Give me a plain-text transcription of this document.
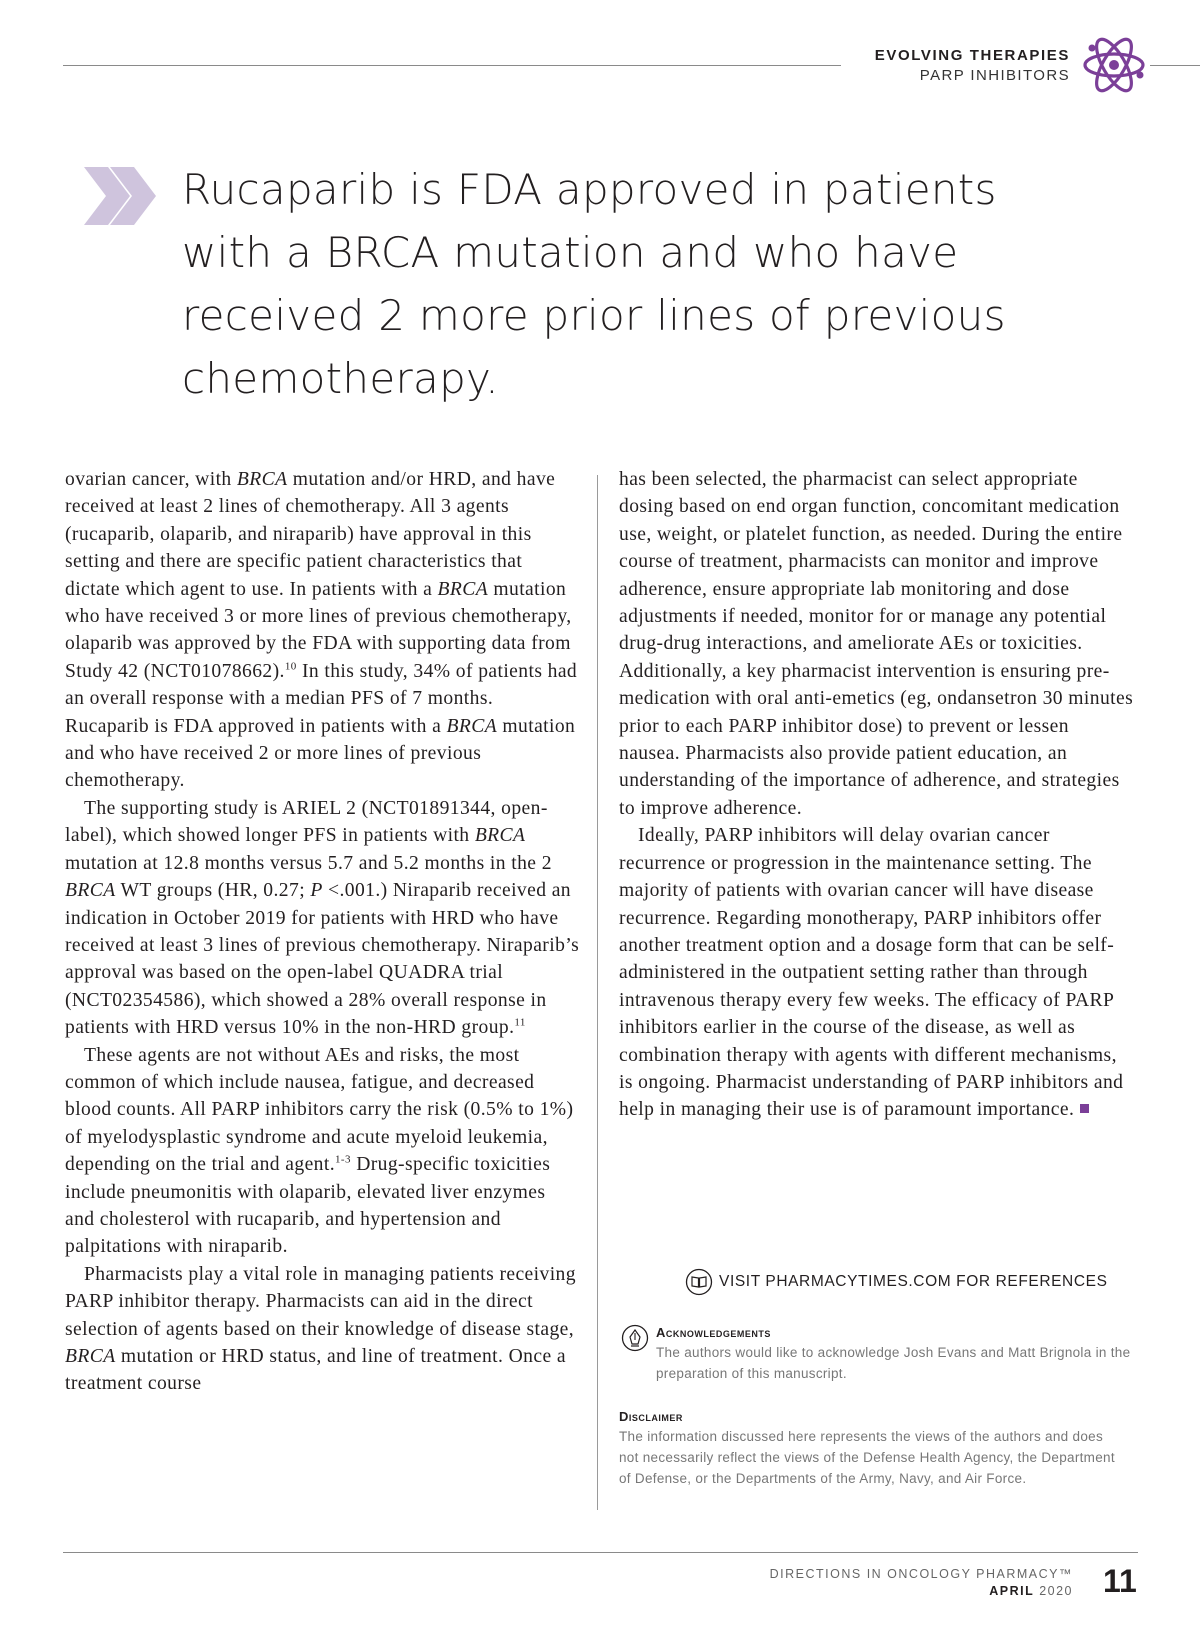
EVOLVING THERAPIES
PARP INHIBITORS
Rucaparib is FDA approved in patients with a BRCA mutation and who have received 2 more prior lines of previous chemotherapy.

ovarian cancer, with BRCA mutation and/or HRD, and have received at least 2 lines of chemotherapy. All 3 agents (rucaparib, olaparib, and niraparib) have approval in this setting and there are specific patient characteristics that dictate which agent to use. In patients with a BRCA mutation who have received 3 or more lines of previous chemotherapy, olaparib was approved by the FDA with supporting data from Study 42 (NCT01078662).$^{10}$ In this study, 34% of patients had an overall response with a median PFS of 7 months. Rucaparib is FDA approved in patients with a BRCA mutation and who have received 2 or more lines of previous chemotherapy.

The supporting study is ARIEL 2 (NCT01891344, open-label), which showed longer PFS in patients with BRCA mutation at 12.8 months versus 5.7 and 5.2 months in the 2 BRCA WT groups (HR, 0.27; P <.001.) Niraparib received an indication in October 2019 for patients with HRD who have received at least 3 lines of previous chemotherapy. Niraparib’s approval was based on the open-label QUADRA trial (NCT02354586), which showed a 28% overall response in patients with HRD versus 10% in the non-HRD group.$^{11}$

These agents are not without AEs and risks, the most common of which include nausea, fatigue, and decreased blood counts. All PARP inhibitors carry the risk (0.5% to 1%) of myelodysplastic syndrome and acute myeloid leukemia, depending on the trial and agent.$^{1-3}$ Drug-specific toxicities include pneumonitis with olaparib, elevated liver enzymes and cholesterol with rucaparib, and hypertension and palpitations with niraparib.

Pharmacists play a vital role in managing patients receiving PARP inhibitor therapy. Pharmacists can aid in the direct selection of agents based on their knowledge of disease stage, BRCA mutation or HRD status, and line of treatment. Once a treatment course

has been selected, the pharmacist can select appropriate dosing based on end organ function, concomitant medication use, weight, or platelet function, as needed. During the entire course of treatment, pharmacists can monitor and improve adherence, ensure appropriate lab monitoring and dose adjustments if needed, monitor for or manage any potential drug-drug interactions, and ameliorate AEs or toxicities. Additionally, a key pharmacist intervention is ensuring pre-medication with oral anti-emetics (eg, ondansetron 30 minutes prior to each PARP inhibitor dose) to prevent or lessen nausea. Pharmacists also provide patient education, an understanding of the importance of adherence, and strategies to improve adherence.

Ideally, PARP inhibitors will delay ovarian cancer recurrence or progression in the maintenance setting. The majority of patients with ovarian cancer will have disease recurrence. Regarding monotherapy, PARP inhibitors offer another treatment option and a dosage form that can be self-administered in the outpatient setting rather than through intravenous therapy every few weeks. The efficacy of PARP inhibitors earlier in the course of the disease, as well as combination therapy with agents with different mechanisms, is ongoing. Pharmacist understanding of PARP inhibitors and help in managing their use is of paramount importance.

VISIT PHARMACYTIMES.COM FOR REFERENCES
Acknowledgements
The authors would like to acknowledge Josh Evans and Matt Brignola in the preparation of this manuscript.
Disclaimer
The information discussed here represents the views of the authors and does not necessarily reflect the views of the Defense Health Agency, the Department of Defense, or the Departments of the Army, Navy, and Air Force.
DIRECTIONS IN ONCOLOGY PHARMACY™
APRIL 2020 11
